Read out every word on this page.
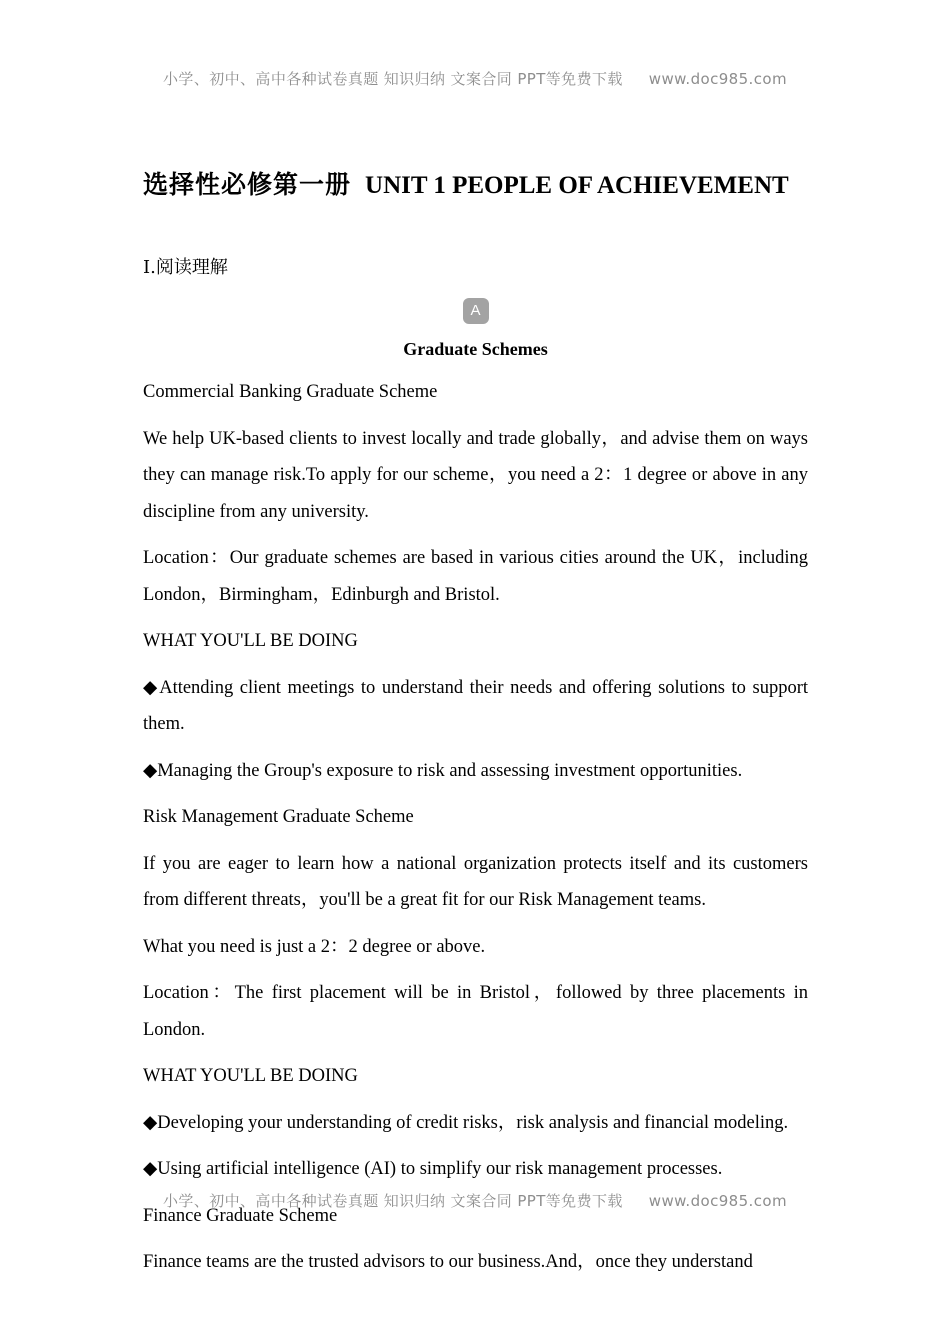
小学、初中、高中各种试卷真题 知识归纳 文案合同 PPT等免费下载 www.doc985.com
选择性必修第一册 UNIT 1 PEOPLE OF ACHIEVEMENT
Ⅰ.阅读理解
A
Graduate Schemes

Commercial Banking Graduate Scheme

We help UK-based clients to invest locally and trade globally，and advise them on ways they can manage risk.To apply for our scheme，you need a 2：1 degree or above in any discipline from any university.

Location：Our graduate schemes are based in various cities around the UK，including London，Birmingham，Edinburgh and Bristol.

WHAT YOU'LL BE DOING

◆Attending client meetings to understand their needs and offering solutions to support them.

◆Managing the Group's exposure to risk and assessing investment opportunities.

Risk Management Graduate Scheme

If you are eager to learn how a national organization protects itself and its customers from different threats，you'll be a great fit for our Risk Management teams.

What you need is just a 2：2 degree or above.

Location：The first placement will be in Bristol，followed by three placements in London.

WHAT YOU'LL BE DOING

◆Developing your understanding of credit risks，risk analysis and financial modeling.

◆Using artificial intelligence (AI) to simplify our risk management processes.

Finance Graduate Scheme

Finance teams are the trusted advisors to our business.And，once they understand

小学、初中、高中各种试卷真题 知识归纳 文案合同 PPT等免费下载 www.doc985.com
